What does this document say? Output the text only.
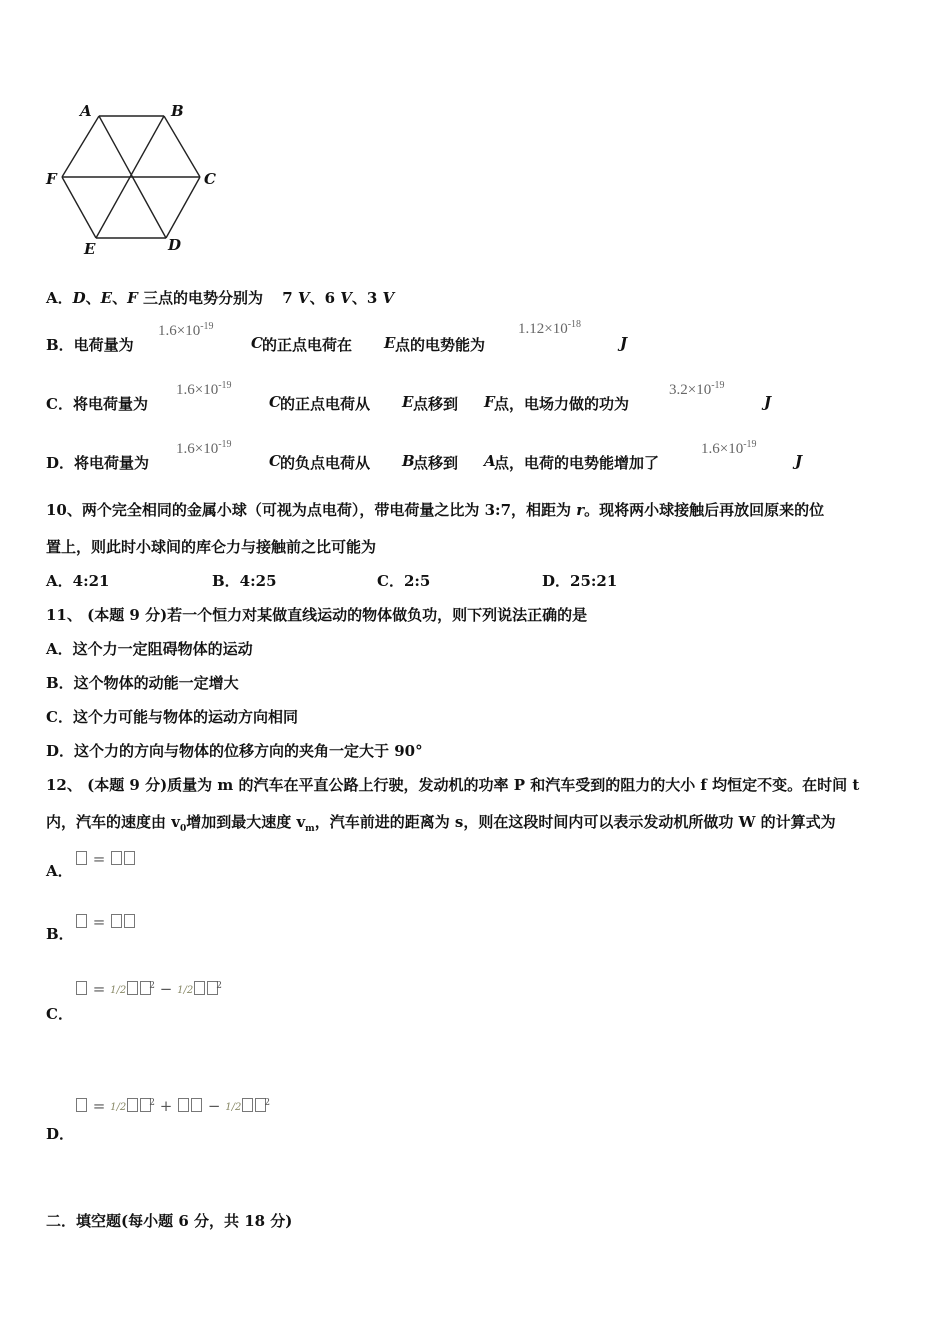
A	B
C
D
E
F
A．D、E、F 三点的电势分别为 7 V、6 V、3 V
B．电荷量为
$1.6\times 10^{-19}$
C 的正点电荷在 E 点的电势能为
$1.12\times 10^{-18}$
J
C．将电荷量为
$1.6\times 10^{-19}$
C 的正点电荷从 E 点移到 F 点，电场力做的功为
$3.2\times 10^{-19}$
J
D．将电荷量为
$1.6\times 10^{-19}$
C 的负点电荷从 B
点移到 A
点，电荷的电势能增加了
$1.6\times 10^{-19}$
J
10、两个完全相同的金属小球（可视为点电荷），带电荷量之比为 3:7，相距为 r。现将两小球接触后再放回原来的位
置上，则此时小球间的库仑力与接触前之比可能为
A．4:21	B．4:25	C．2:5	D．25:21
11、 (本题 9 分)若一个恒力对某做直线运动的物体做负功，则下列说法正确的是
A．这个力一定阻碍物体的运动
B．这个物体的动能一定增大
C．这个力可能与物体的运动方向相同
D．这个力的方向与物体的位移方向的夹角一定大于 90°
12、 (本题 9 分)质量为 m 的汽车在平直公路上行驶，发动机的功率 P 和汽车受到的阻力的大小 f 均恒定不变。在时间 t
内，汽车的速度由 $v_0$增加到最大速度 $v_m$，汽车前进的距离为 s，则在这段时间内可以表示发动机所做功 W 的计算式为
A．
=
B．
=
C．
= 1/2	$^2$ − 1/2	$^2$
D．
= 1/2	$^2$ + − 1/2	$^2$
二．填空题(每小题 6 分，共 18 分)
